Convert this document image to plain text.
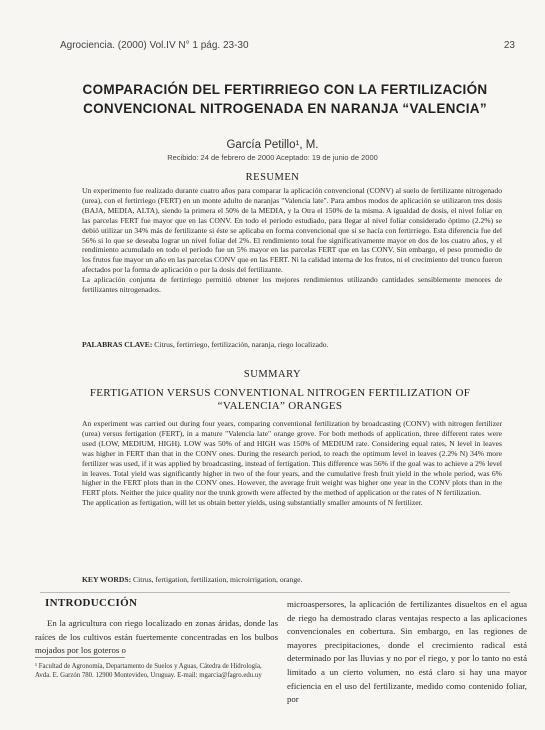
Agrociencia. (2000) Vol.IV N° 1 pág. 23-30	23
COMPARACIÓN DEL FERTIRRIEGO CON LA FERTILIZACIÓN
CONVENCIONAL NITROGENADA EN NARANJA “VALENCIA”
García Petillo¹, M.
Recibido: 24 de febrero de 2000 Aceptado: 19 de junio de 2000
RESUMEN

Un experimento fue realizado durante cuatro años para comparar la aplicación convencional (CONV) al suelo de fertilizante nitrogenado (urea), con el fertirriego (FERT) en un monte adulto de naranjas "Valencia late". Para ambos modos de aplicación se utilizaron tres dosis (BAJA, MEDIA, ALTA), siendo la primera el 50% de la MEDIA, y la Otra el 150% de la misma. A igualdad de dosis, el nivel foliar en las parcelas FERT fue mayor que en las CONV. En todo el período estudiado, para llegar al nivel foliar considerado óptimo (2.2%) se debió utilizar un 34% más de fertilizante si éste se aplicaba en forma convencional que si se hacía con fertirriego. Esta diferencia fue del 56% si lo que se deseaba lograr un nivel foliar del 2%. El rendimiento total fue significativamente mayor en dos de los cuatro años, y el rendimiento acumulado en todo el período fue un 5% mayor en las parcelas FERT que en las CONV. Sin embargo, el peso promedio de los frutos fue mayor un año en las parcelas CONV que en las FERT. Ni la calidad interna de los frutos, ni el crecimiento del tronco fueron afectados por la forma de aplicación o por la dosis del fertilizante.

La aplicación conjunta de fertirriego permitió obtener los mejores rendimientos utilizando cantidades sensiblemente menores de fertilizantes nitrogenados.

PALABRAS CLAVE: Citrus, fertirriego, fertilización, naranja, riego localizado.
SUMMARY
FERTIGATION VERSUS CONVENTIONAL NITROGEN FERTILIZATION OF
“VALENCIA” ORANGES

An experiment was carried out during four years, comparing conventional fertilization by broadcasting (CONV) with nitrogen fertilizer (urea) versus fertigation (FERT), in a mature "Valencia late" orange grove. For both methods of application, three different rates were used (LOW, MEDIUM, HIGH). LOW was 50% of and HIGH was 150% of MEDIUM rate. Considering equal rates, N level in leaves was higher in FERT than that in the CONV ones. During the research period, to reach the optimum level in leaves (2.2% N) 34% more fertilizer was used, if it was applied by broadcasting, instead of fertigation. This difference was 56% if the goal was to achieve a 2% level in leaves. Total yield was significantly higher in two of the four years, and the cumulative fresh fruit yield in the whole period, was 6% higher in the FERT plots than in the CONV ones. However, the average fruit weight was higher one year in the CONV plots than in the FERT plots. Neither the juice quality nor the trunk growth were affected by the method of application or the rates of N fertilization.

The application as fertigation, will let us obtain better yields, using substantially smaller amounts of N fertilizer.

KEY WORDS: Citrus, fertigation, fertilization, microirrigation, orange.
INTRODUCCIÓN

En la agricultura con riego localizado en zonas áridas, donde las raíces de los cultivos están fuertemente concentradas en los bulbos mojados por los goteros o

microaspersores, la aplicación de fertilizantes disueltos en el agua de riego ha demostrado claras ventajas respecto a las aplicaciones convencionales en cobertura. Sin embargo, en las regiones de mayores precipitaciones, donde el crecimiento radical está determinado por las lluvias y no por el riego, y por lo tanto no está limitado a un cierto volumen, no está claro si hay una mayor eficiencia en el uso del fertilizante, medido como contenido foliar, por

¹ Facultad de Agronomía, Departamento de Suelos y Aguas, Cátedra de Hidrología, Avda. E. Garzón 780. 12900 Montevideo, Uruguay. E-mail: mgarcia@fagro.edu.uy
